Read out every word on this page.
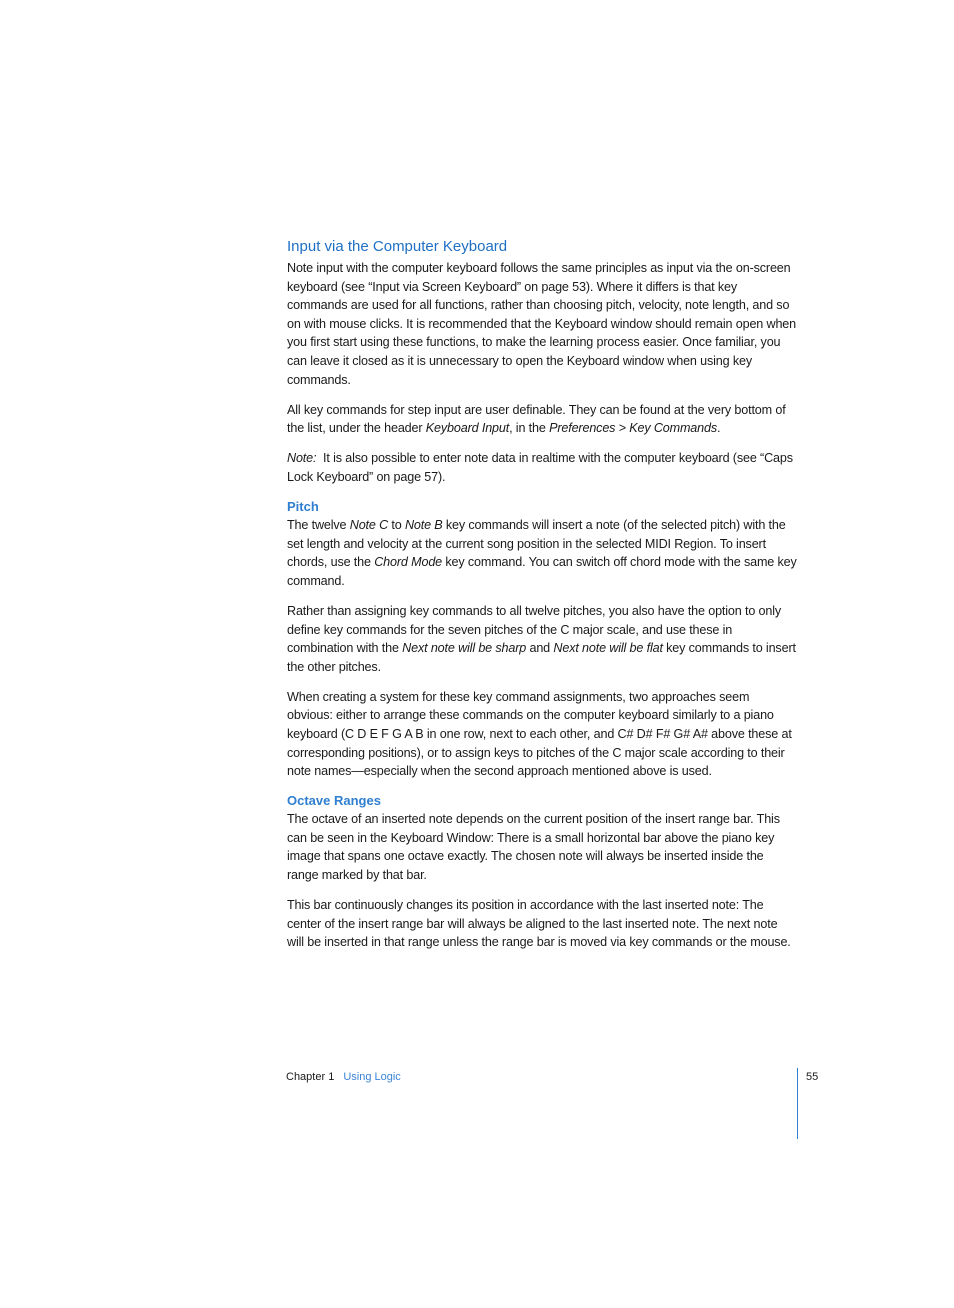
Input via the Computer Keyboard

Note input with the computer keyboard follows the same principles as input via the on-screen keyboard (see “Input via Screen Keyboard” on page 53). Where it differs is that key commands are used for all functions, rather than choosing pitch, velocity, note length, and so on with mouse clicks. It is recommended that the Keyboard window should remain open when you first start using these functions, to make the learning process easier. Once familiar, you can leave it closed as it is unnecessary to open the Keyboard window when using key commands.

All key commands for step input are user definable. They can be found at the very bottom of the list, under the header Keyboard Input, in the Preferences > Key Commands.

Note:  It is also possible to enter note data in realtime with the computer keyboard (see “Caps Lock Keyboard” on page 57).

Pitch

The twelve Note C to Note B key commands will insert a note (of the selected pitch) with the set length and velocity at the current song position in the selected MIDI Region. To insert chords, use the Chord Mode key command. You can switch off chord mode with the same key command.

Rather than assigning key commands to all twelve pitches, you also have the option to only define key commands for the seven pitches of the C major scale, and use these in combination with the Next note will be sharp and Next note will be flat key commands to insert the other pitches.

When creating a system for these key command assignments, two approaches seem obvious: either to arrange these commands on the computer keyboard similarly to a piano keyboard (C D E F G A B in one row, next to each other, and C# D# F# G# A# above these at corresponding positions), or to assign keys to pitches of the C major scale according to their note names—especially when the second approach mentioned above is used.

Octave Ranges

The octave of an inserted note depends on the current position of the insert range bar. This can be seen in the Keyboard Window: There is a small horizontal bar above the piano key image that spans one octave exactly. The chosen note will always be inserted inside the range marked by that bar.

This bar continuously changes its position in accordance with the last inserted note: The center of the insert range bar will always be aligned to the last inserted note. The next note will be inserted in that range unless the range bar is moved via key commands or the mouse.

Chapter 1 Using Logic	55
